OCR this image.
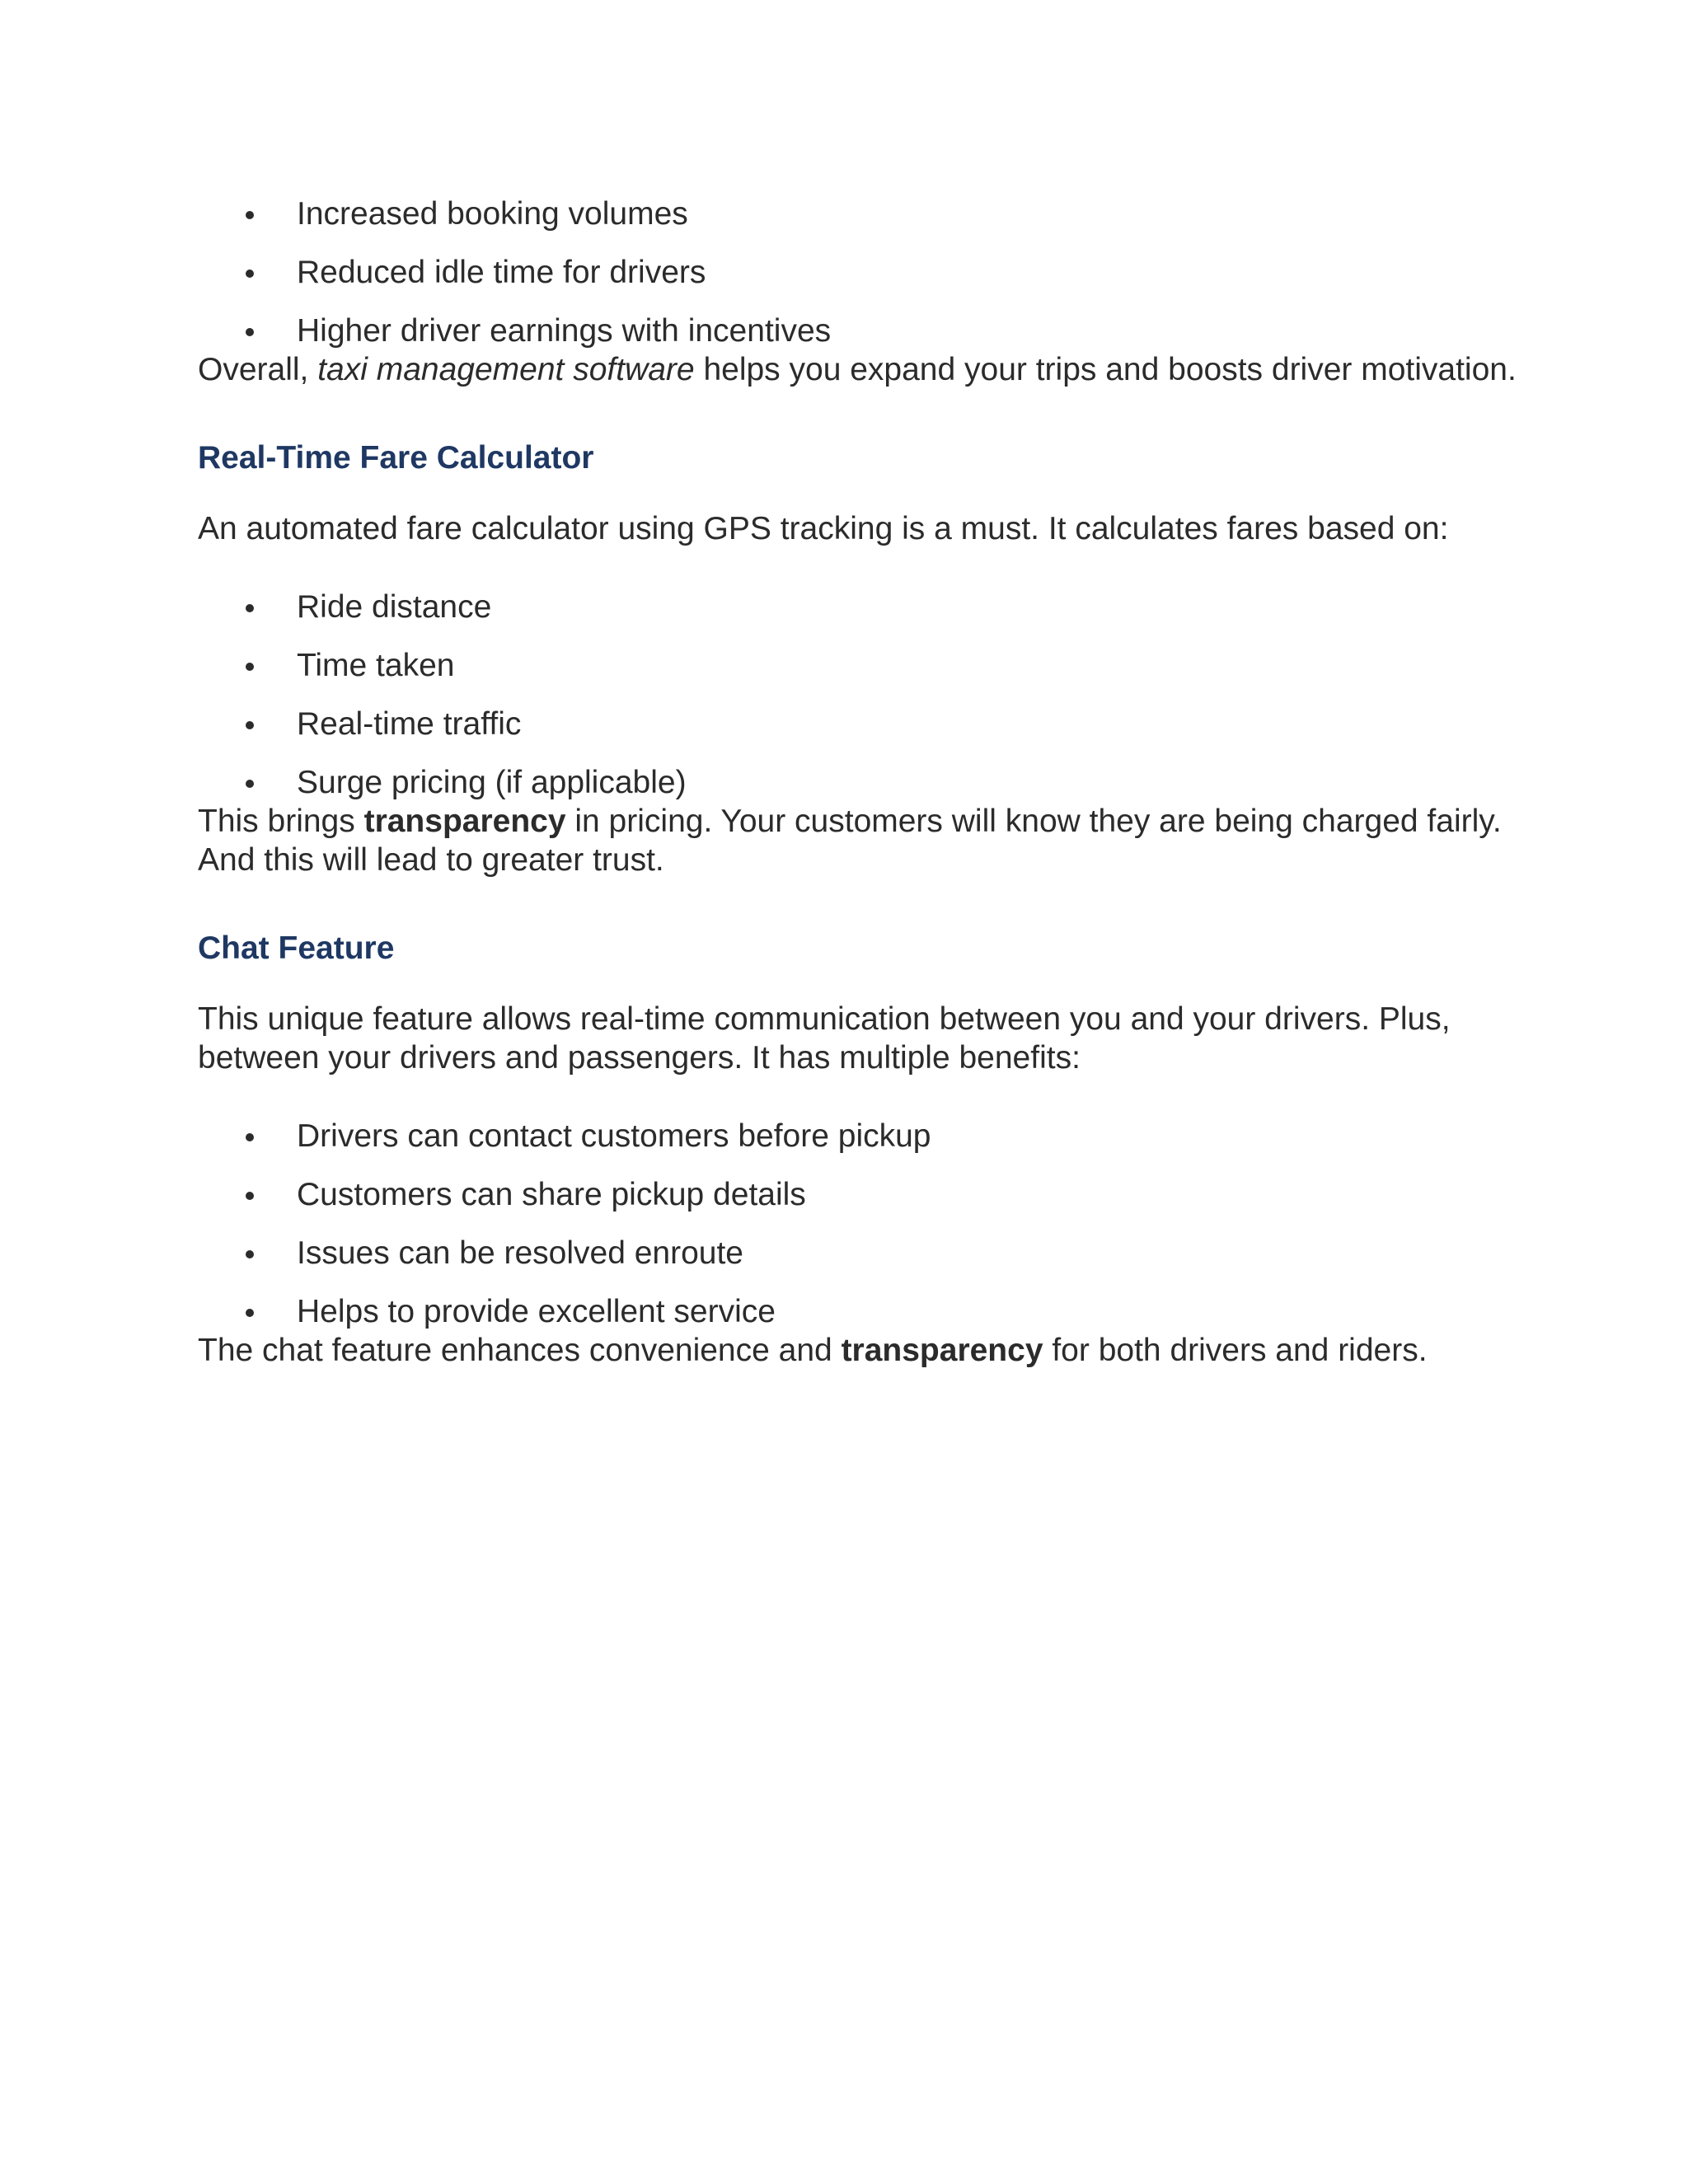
Increased booking volumes
Reduced idle time for drivers
Higher driver earnings with incentives

Overall, taxi management software helps you expand your trips and boosts driver motivation.

Real-Time Fare Calculator

An automated fare calculator using GPS tracking is a must. It calculates fares based on:

Ride distance
Time taken
Real-time traffic
Surge pricing (if applicable)

This brings transparency in pricing. Your customers will know they are being charged fairly. And this will lead to greater trust.

Chat Feature

This unique feature allows real-time communication between you and your drivers. Plus, between your drivers and passengers. It has multiple benefits:

Drivers can contact customers before pickup
Customers can share pickup details
Issues can be resolved enroute
Helps to provide excellent service

The chat feature enhances convenience and transparency for both drivers and riders.
